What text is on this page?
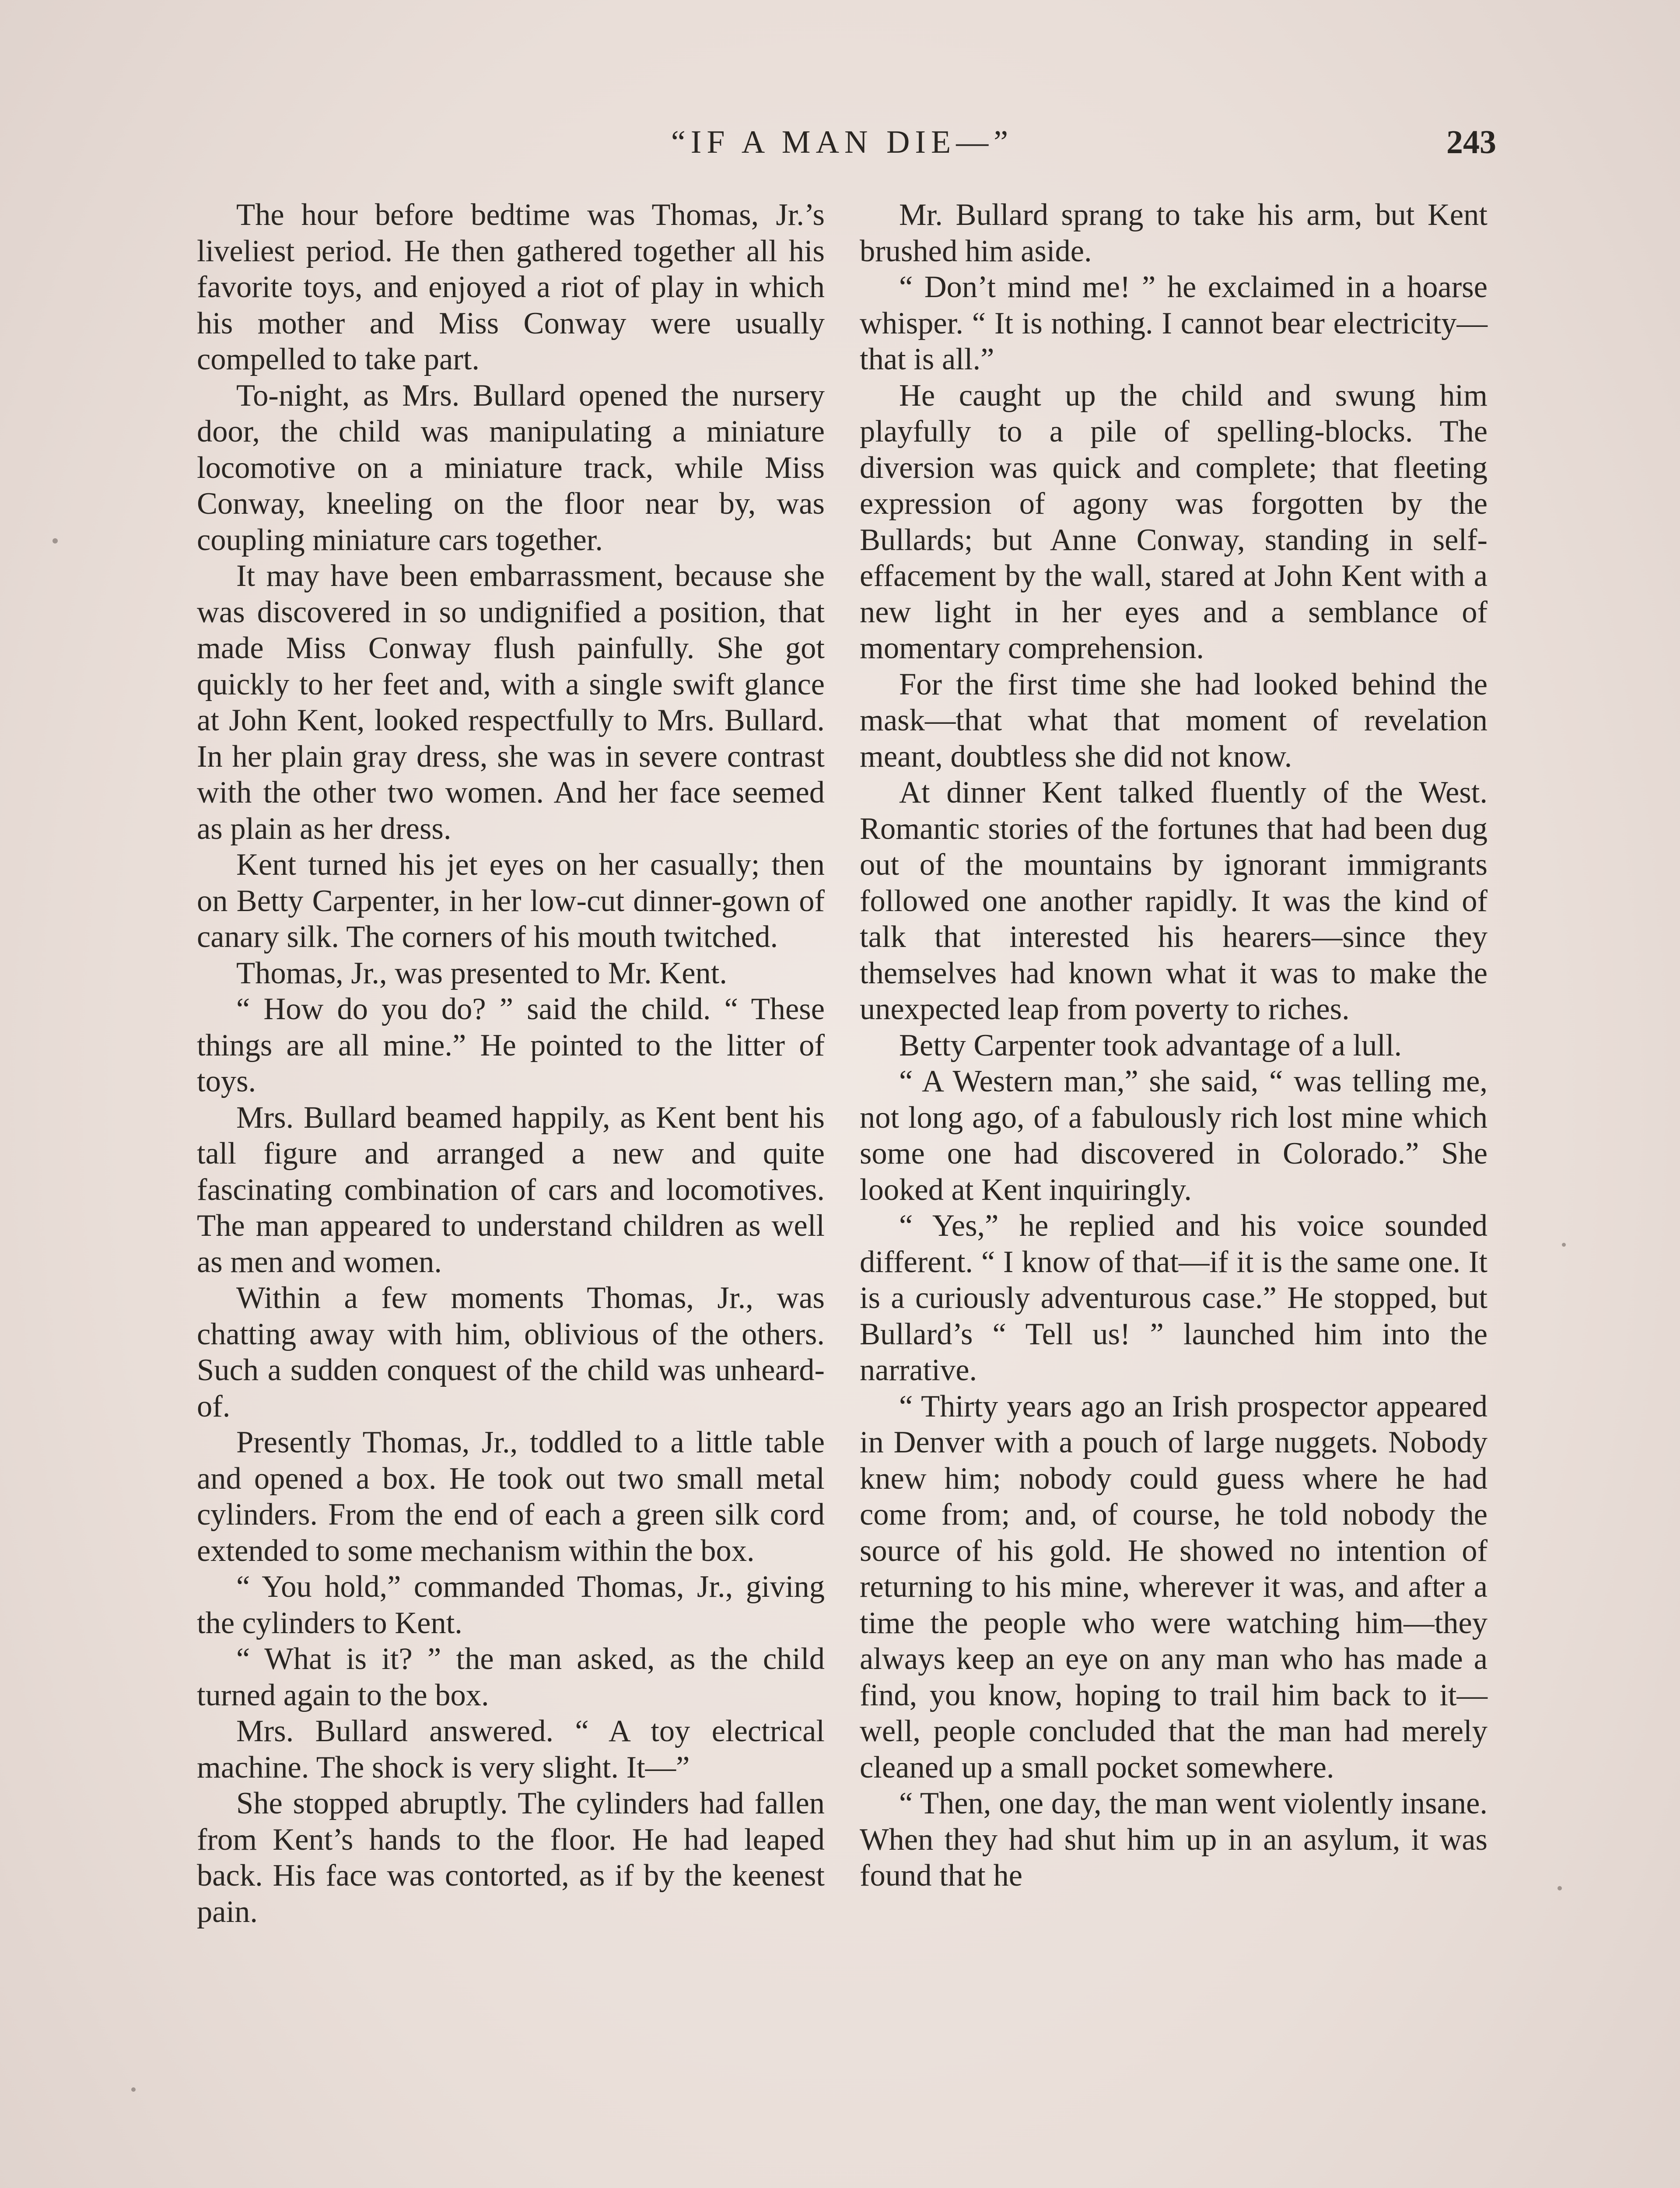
“IF A MAN DIE—”	243

The hour before bedtime was Thomas, Jr.’s liveliest period. He then gathered together all his favorite toys, and enjoyed a riot of play in which his mother and Miss Conway were usually compelled to take part.

To-night, as Mrs. Bullard opened the nursery door, the child was manipulating a miniature locomotive on a miniature track, while Miss Conway, kneeling on the floor near by, was coupling miniature cars together.

It may have been embarrassment, because she was discovered in so undignified a position, that made Miss Conway flush painfully. She got quickly to her feet and, with a single swift glance at John Kent, looked respectfully to Mrs. Bullard. In her plain gray dress, she was in severe contrast with the other two women. And her face seemed as plain as her dress.

Kent turned his jet eyes on her casually; then on Betty Carpenter, in her low-cut dinner-gown of canary silk. The corners of his mouth twitched.

Thomas, Jr., was presented to Mr. Kent.

“ How do you do? ” said the child. “ These things are all mine.” He pointed to the litter of toys.

Mrs. Bullard beamed happily, as Kent bent his tall figure and arranged a new and quite fascinating combination of cars and locomotives. The man appeared to understand children as well as men and women.

Within a few moments Thomas, Jr., was chatting away with him, oblivious of the others. Such a sudden conquest of the child was unheard-of.

Presently Thomas, Jr., toddled to a little table and opened a box. He took out two small metal cylinders. From the end of each a green silk cord extended to some mechanism within the box.

“ You hold,” commanded Thomas, Jr., giving the cylinders to Kent.

“ What is it? ” the man asked, as the child turned again to the box.

Mrs. Bullard answered. “ A toy electrical machine. The shock is very slight. It—”

She stopped abruptly. The cylinders had fallen from Kent’s hands to the floor. He had leaped back. His face was contorted, as if by the keenest pain.

Mr. Bullard sprang to take his arm, but Kent brushed him aside.

“ Don’t mind me! ” he exclaimed in a hoarse whisper. “ It is nothing. I cannot bear electricity—that is all.”

He caught up the child and swung him playfully to a pile of spelling-blocks. The diversion was quick and complete; that fleeting expression of agony was forgotten by the Bullards; but Anne Conway, standing in self-effacement by the wall, stared at John Kent with a new light in her eyes and a semblance of momentary comprehension.

For the first time she had looked behind the mask—that what that moment of revelation meant, doubtless she did not know.

At dinner Kent talked fluently of the West. Romantic stories of the fortunes that had been dug out of the mountains by ignorant immigrants followed one another rapidly. It was the kind of talk that interested his hearers—since they themselves had known what it was to make the unexpected leap from poverty to riches.

Betty Carpenter took advantage of a lull.

“ A Western man,” she said, “ was telling me, not long ago, of a fabulously rich lost mine which some one had discovered in Colorado.” She looked at Kent inquiringly.

“ Yes,” he replied and his voice sounded different. “ I know of that—if it is the same one. It is a curiously adventurous case.” He stopped, but Bullard’s “ Tell us! ” launched him into the narrative.

“ Thirty years ago an Irish prospector appeared in Denver with a pouch of large nuggets. Nobody knew him; nobody could guess where he had come from; and, of course, he told nobody the source of his gold. He showed no intention of returning to his mine, wherever it was, and after a time the people who were watching him—they always keep an eye on any man who has made a find, you know, hoping to trail him back to it—well, people concluded that the man had merely cleaned up a small pocket somewhere.

“ Then, one day, the man went violently insane. When they had shut him up in an asylum, it was found that he
